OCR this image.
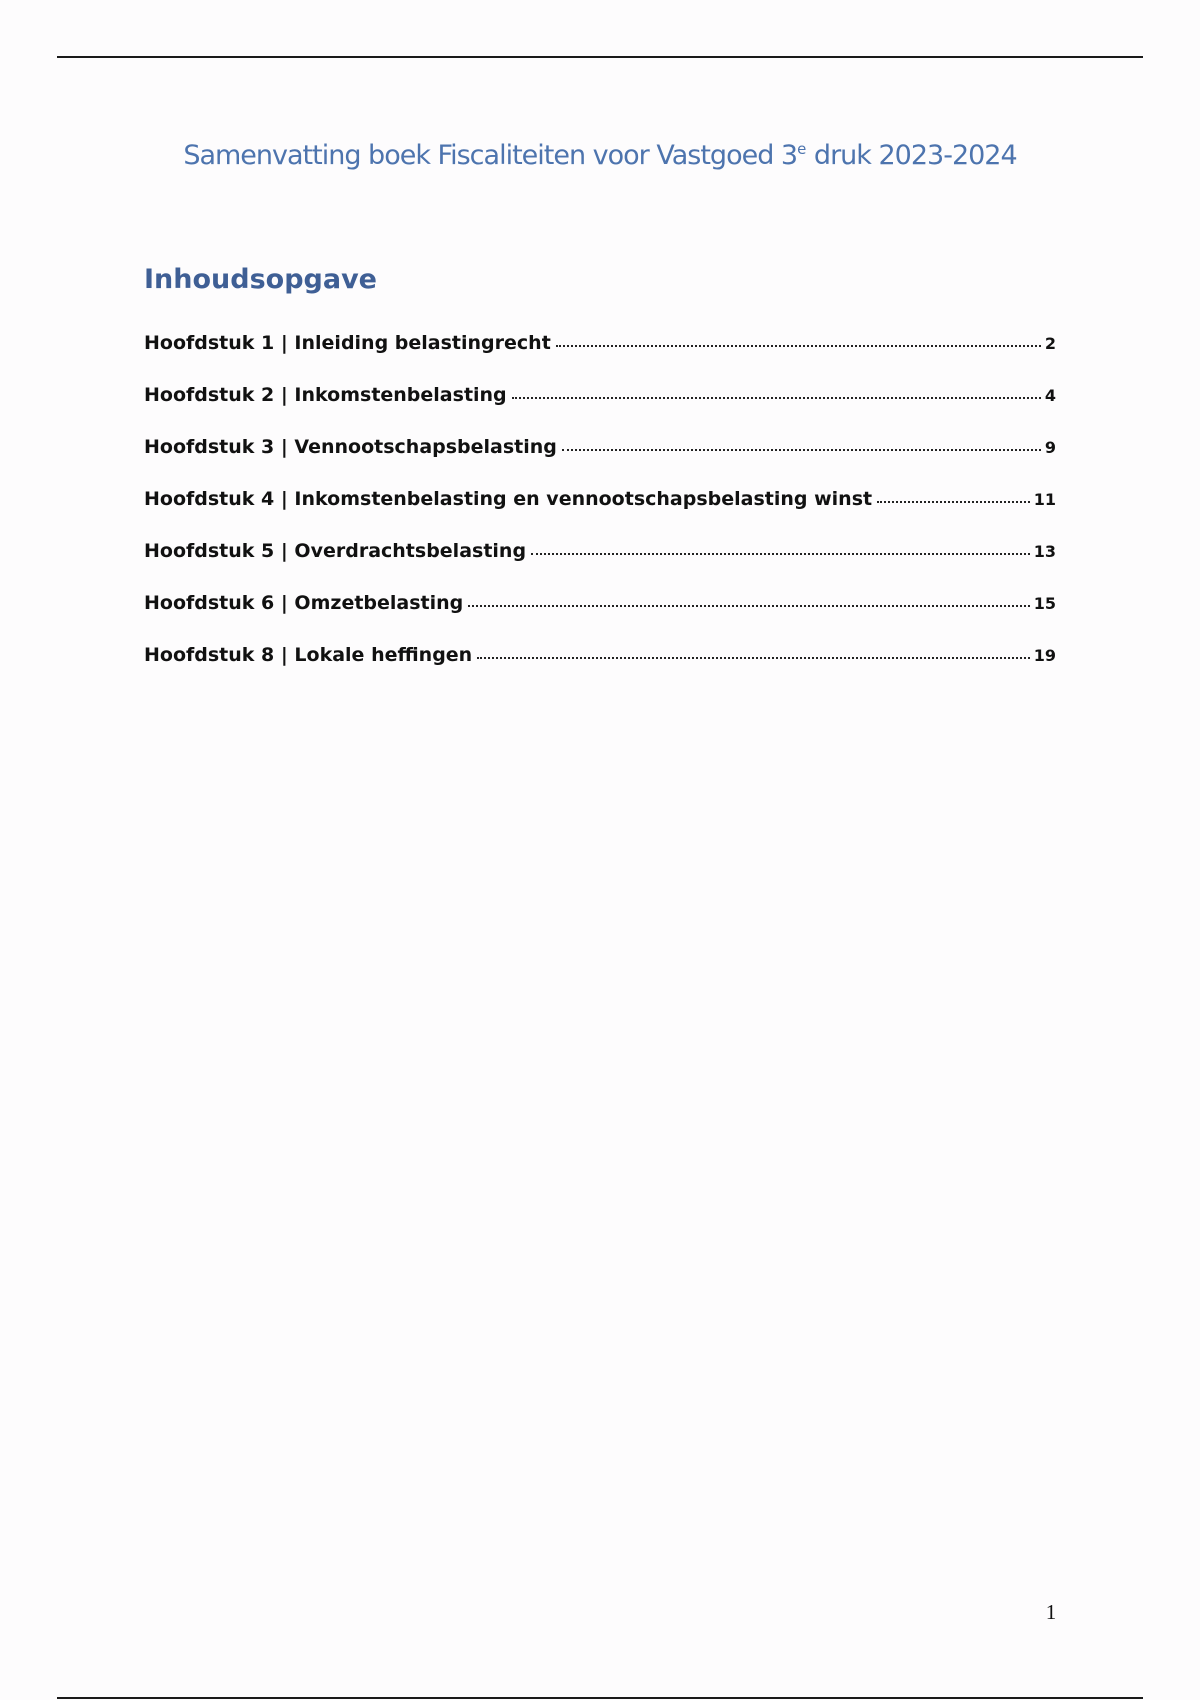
Samenvatting boek Fiscaliteiten voor Vastgoed 3e druk 2023-2024
Inhoudsopgave
Hoofdstuk 1 | Inleiding belastingrecht	2
Hoofdstuk 2 | Inkomstenbelasting	4
Hoofdstuk 3 | Vennootschapsbelasting	9
Hoofdstuk 4 | Inkomstenbelasting en vennootschapsbelasting winst	11
Hoofdstuk 5 | Overdrachtsbelasting	13
Hoofdstuk 6 | Omzetbelasting	15
Hoofdstuk 8 | Lokale heffingen	19
1
